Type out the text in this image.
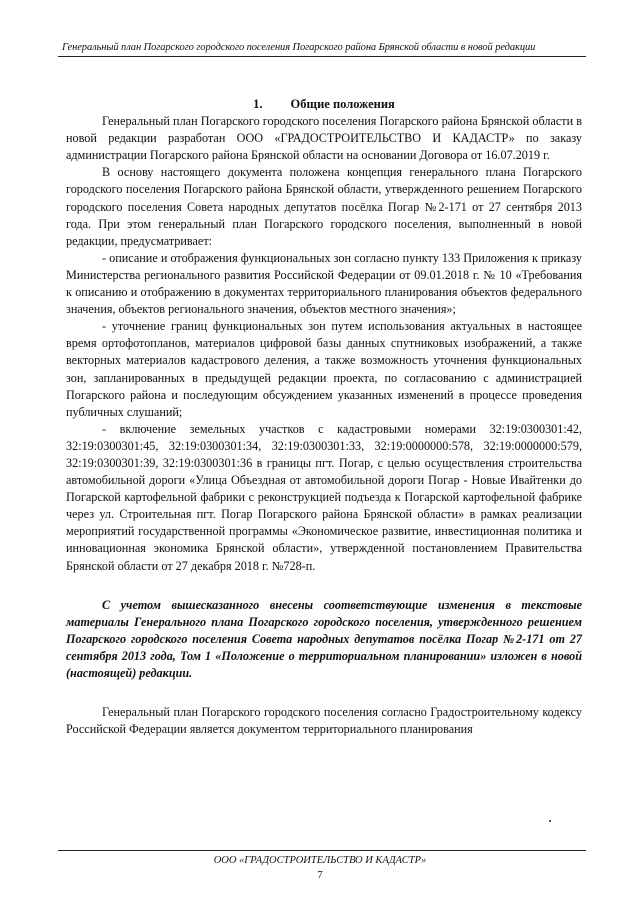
Генеральный план Погарского городского поселения Погарского района Брянской области в новой редакции

1. Общие положения

Генеральный план Погарского городского поселения Погарского района Брянской области в новой редакции разработан ООО «ГРАДОСТРОИТЕЛЬСТВО И КАДАСТР» по заказу администрации Погарского района Брянской области на основании Договора от 16.07.2019 г.

В основу настоящего документа положена концепция генерального плана Погарского городского поселения Погарского района Брянской области, утвержденного решением Погарского городского поселения Совета народных депутатов посёлка Погар №2-171 от 27 сентября 2013 года. При этом генеральный план Погарского городского поселения, выполненный в новой редакции, предусматривает:

- описание и отображения функциональных зон согласно пункту 133 Приложения к приказу Министерства регионального развития Российской Федерации от 09.01.2018 г. № 10 «Требования к описанию и отображению в документах территориального планирования объектов федерального значения, объектов регионального значения, объектов местного значения»;

- уточнение границ функциональных зон путем использования актуальных в настоящее время ортофотопланов, материалов цифровой базы данных спутниковых изображений, а также векторных материалов кадастрового деления, а также возможность уточнения функциональных зон, запланированных в предыдущей редакции проекта, по согласованию с администрацией Погарского района и последующим обсуждением указанных изменений в процессе проведения публичных слушаний;

- включение земельных участков с кадастровыми номерами 32:19:0300301:42, 32:19:0300301:45, 32:19:0300301:34, 32:19:0300301:33, 32:19:0000000:578, 32:19:0000000:579, 32:19:0300301:39, 32:19:0300301:36 в границы пгт. Погар, с целью осуществления строительства автомобильной дороги «Улица Объездная от автомобильной дороги Погар - Новые Ивайтенки до Погарской картофельной фабрики с реконструкцией подъезда к Погарской картофельной фабрике через ул. Строительная пгт. Погар Погарского района Брянской области» в рамках реализации мероприятий государственной программы «Экономическое развитие, инвестиционная политика и инновационная экономика Брянской области», утвержденной постановлением Правительства Брянской области от 27 декабря 2018 г. №728-п.

С учетом вышесказанного внесены соответствующие изменения в текстовые материалы Генерального плана Погарского городского поселения, утвержденного решением Погарского городского поселения Совета народных депутатов посёлка Погар №2-171 от 27 сентября 2013 года, Том 1 «Положение о территориальном планировании» изложен в новой (настоящей) редакции.

Генеральный план Погарского городского поселения согласно Градостроительному кодексу Российской Федерации является документом территориального планирования

ООО «ГРАДОСТРОИТЕЛЬСТВО И КАДАСТР»
7
